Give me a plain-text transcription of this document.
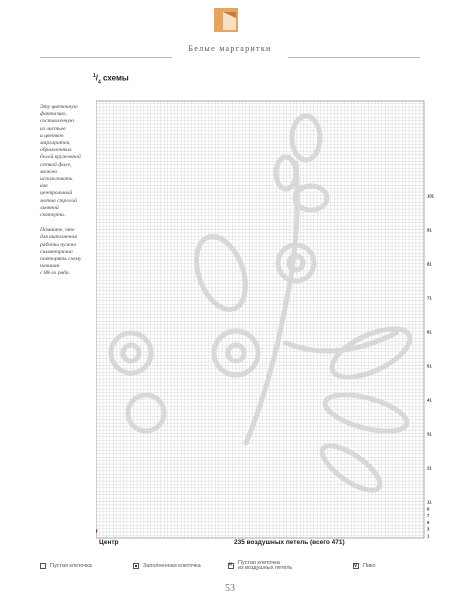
Белые маргаритки
$^1/_4$ схемы

Эту цветочную
фантазию,
составленную
из листьев
и цветков
маргариток,
обрамленных
белой кружевной
сеткой филе,
можно
использовать
как
центральный
мотив строгой
льняной
скатерти.

Помните, что
для выполнения
работы нужно
симметрично
повторять схему
начиная
с 88-го ряда.

101
91
81
71
61
51
41
31
21
11
9
7
5
3
1
Центр	235 воздушных петель (всего 471)
Пустая клеточка	Заполненная клеточка
✕
Пустая клеточка
из воздушных петель
∨	Пико
53
